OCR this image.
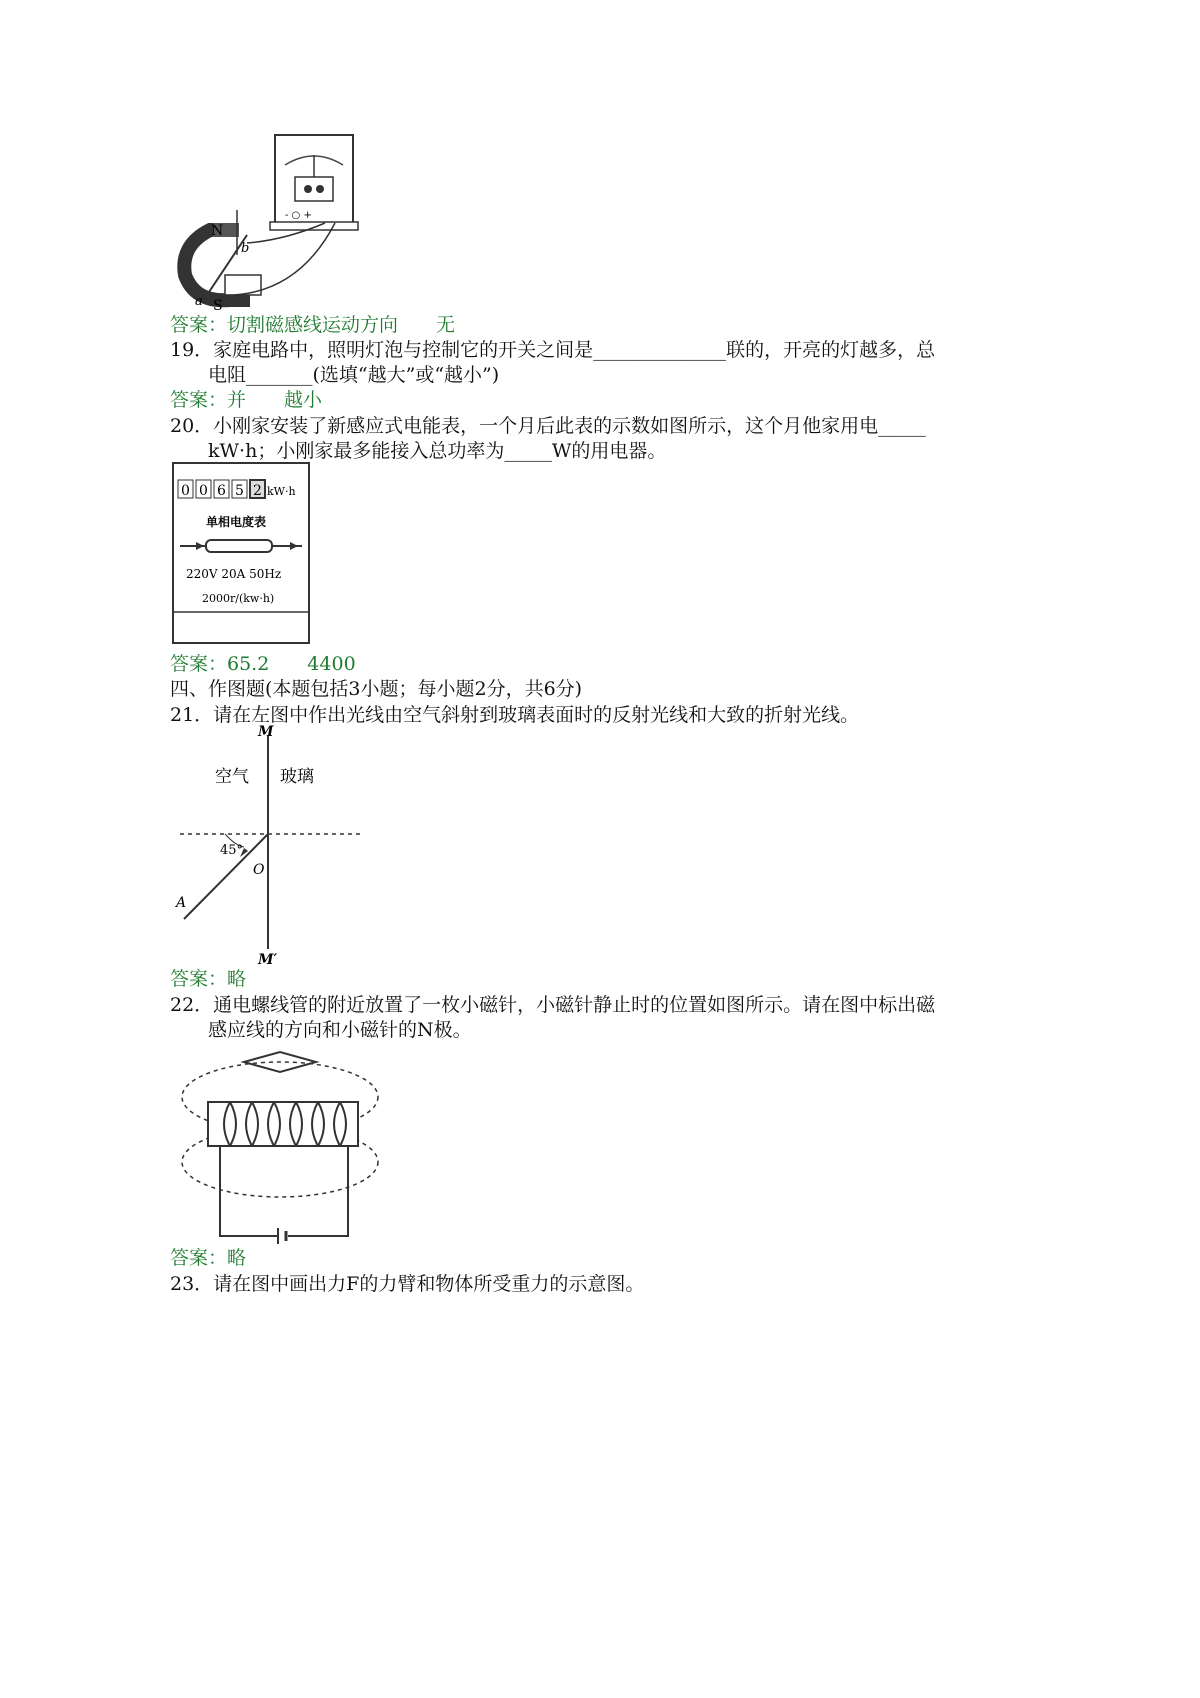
- ○ +
N
S
a
b
答案：切割磁感线运动方向　　无
19．家庭电路中，照明灯泡与控制它的开关之间是______________联的，开亮的灯越多，总
电阻_______(选填“越大”或“越小”)
答案：并　　越小
20．小刚家安装了新感应式电能表，一个月后此表的示数如图所示，这个月他家用电_____
kW·h；小刚家最多能接入总功率为_____W的用电器。
0 0 6 5 2 kW·h
单相电度表
220V 20A 50Hz
2000r/(kw·h)
答案：65.2　　4400
四、作图题(本题包括3小题；每小题2分，共6分)
21．请在左图中作出光线由空气斜射到玻璃表面时的反射光线和大致的折射光线。
M
M′
空气 玻璃
45°
O
A
答案：略
22．通电螺线管的附近放置了一枚小磁针，小磁针静止时的位置如图所示。请在图中标出磁
感应线的方向和小磁针的N极。
答案：略
23．请在图中画出力F的力臂和物体所受重力的示意图。
